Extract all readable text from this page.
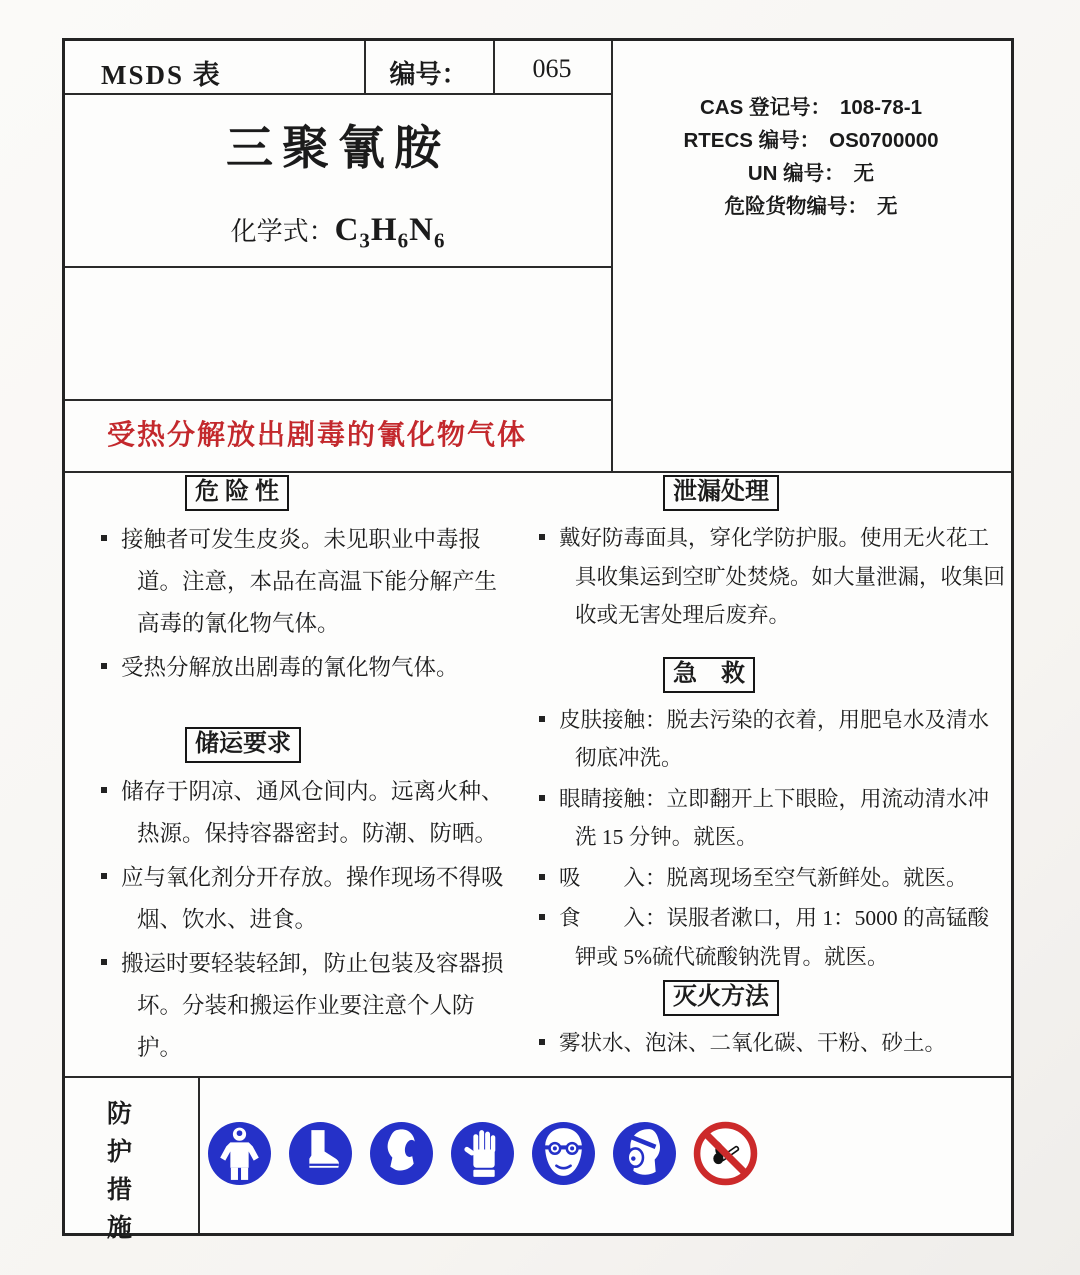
MSDS 表	编号：	065
CAS 登记号： 108-78-1
RTECS 编号： OS0700000
UN 编号： 无
危险货物编号： 无
三聚氰胺
化学式：$C_3H_6N_6$
受热分解放出剧毒的氰化物气体
危 险 性
接触者可发生皮炎。未见职业中毒报道。注意，本品在高温下能分解产生高毒的氰化物气体。
受热分解放出剧毒的氰化物气体。
储运要求
储存于阴凉、通风仓间内。远离火种、热源。保持容器密封。防潮、防晒。
应与氧化剂分开存放。操作现场不得吸烟、饮水、进食。
搬运时要轻装轻卸，防止包装及容器损坏。分装和搬运作业要注意个人防护。
泄漏处理
戴好防毒面具，穿化学防护服。使用无火花工具收集运到空旷处焚烧。如大量泄漏，收集回收或无害处理后废弃。
急　救
皮肤接触：脱去污染的衣着，用肥皂水及清水彻底冲洗。
眼睛接触：立即翻开上下眼睑，用流动清水冲洗 15 分钟。就医。
吸　　入：脱离现场至空气新鲜处。就医。
食　　入：误服者漱口，用 1：5000 的高锰酸钾或 5%硫代硫酸钠洗胃。就医。
灭火方法
雾状水、泡沫、二氧化碳、干粉、砂土。
防护措施
